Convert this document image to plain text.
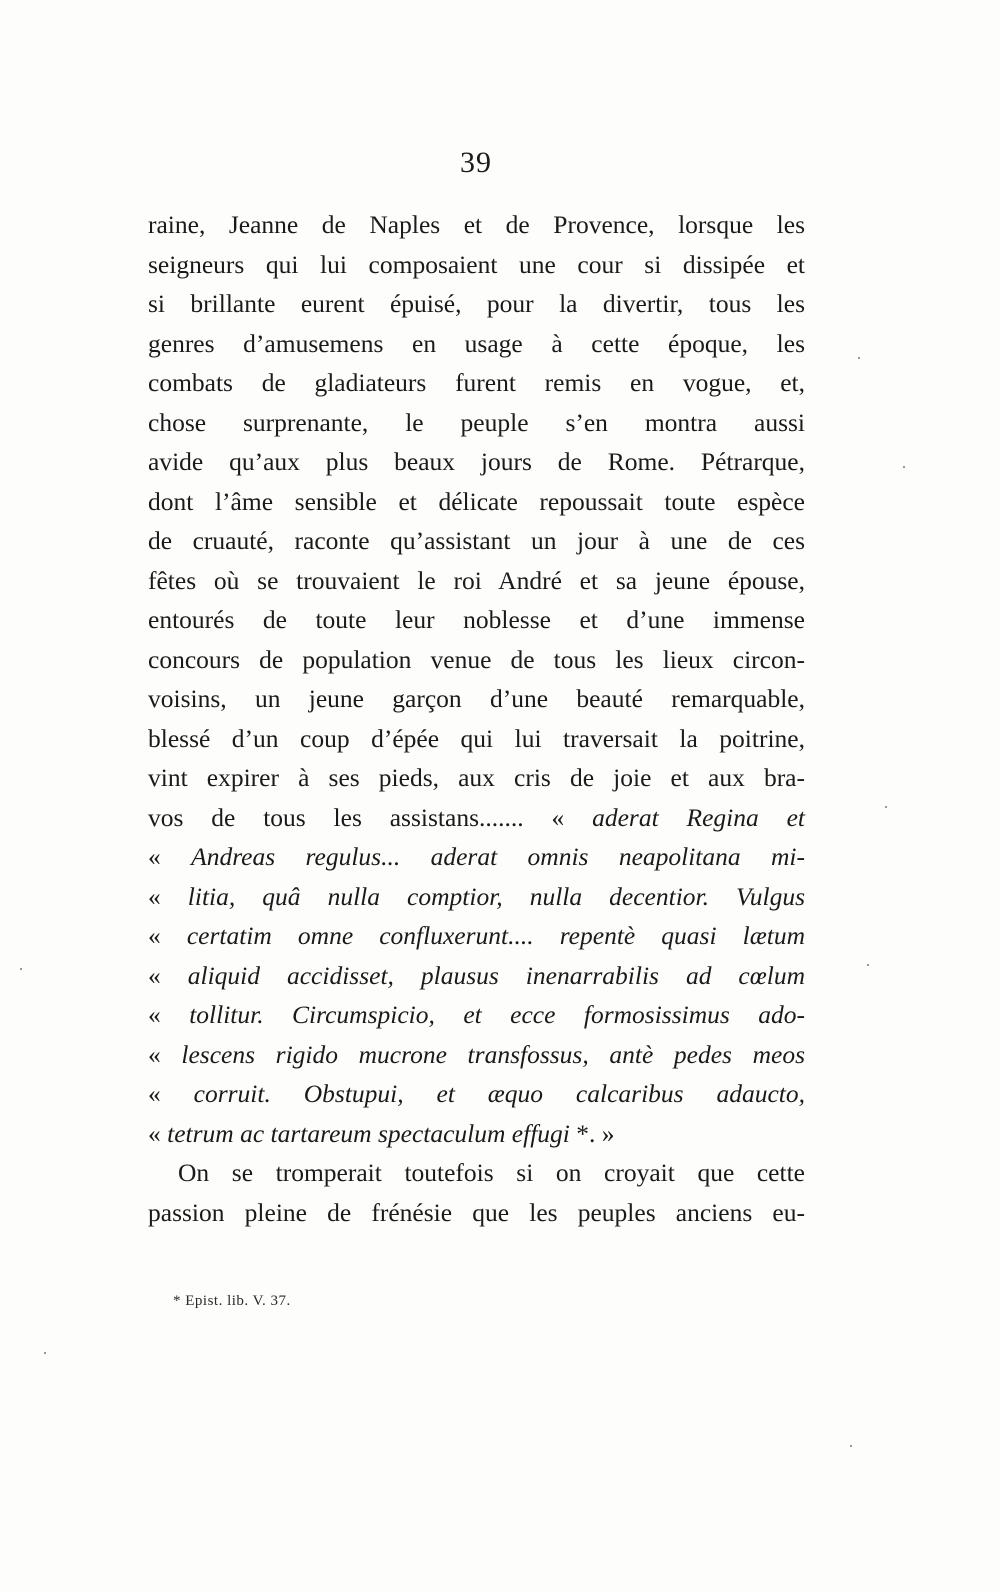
39
raine, Jeanne de Naples et de Provence, lorsque les
seigneurs qui lui composaient une cour si dissipée et
si brillante eurent épuisé, pour la divertir, tous les
genres d’amusemens en usage à cette époque, les
combats de gladiateurs furent remis en vogue, et,
chose surprenante, le peuple s’en montra aussi
avide qu’aux plus beaux jours de Rome. Pétrarque,
dont l’âme sensible et délicate repoussait toute espèce
de cruauté, raconte qu’assistant un jour à une de ces
fêtes où se trouvaient le roi André et sa jeune épouse,
entourés de toute leur noblesse et d’une immense
concours de population venue de tous les lieux circon-
voisins, un jeune garçon d’une beauté remarquable,
blessé d’un coup d’épée qui lui traversait la poitrine,
vint expirer à ses pieds, aux cris de joie et aux bra-
vos de tous les assistans....... « aderat Regina et
« Andreas regulus... aderat omnis neapolitana mi-
« litia, quâ nulla comptior, nulla decentior. Vulgus
« certatim omne confluxerunt.... repentè quasi lætum
« aliquid accidisset, plausus inenarrabilis ad cœlum
« tollitur. Circumspicio, et ecce formosissimus ado-
« lescens rigido mucrone transfossus, antè pedes meos
« corruit. Obstupui, et æquo calcaribus adaucto,
« tetrum ac tartareum spectaculum effugi *. »
On se tromperait toutefois si on croyait que cette
passion pleine de frénésie que les peuples anciens eu-
* Epist. lib. V. 37.
